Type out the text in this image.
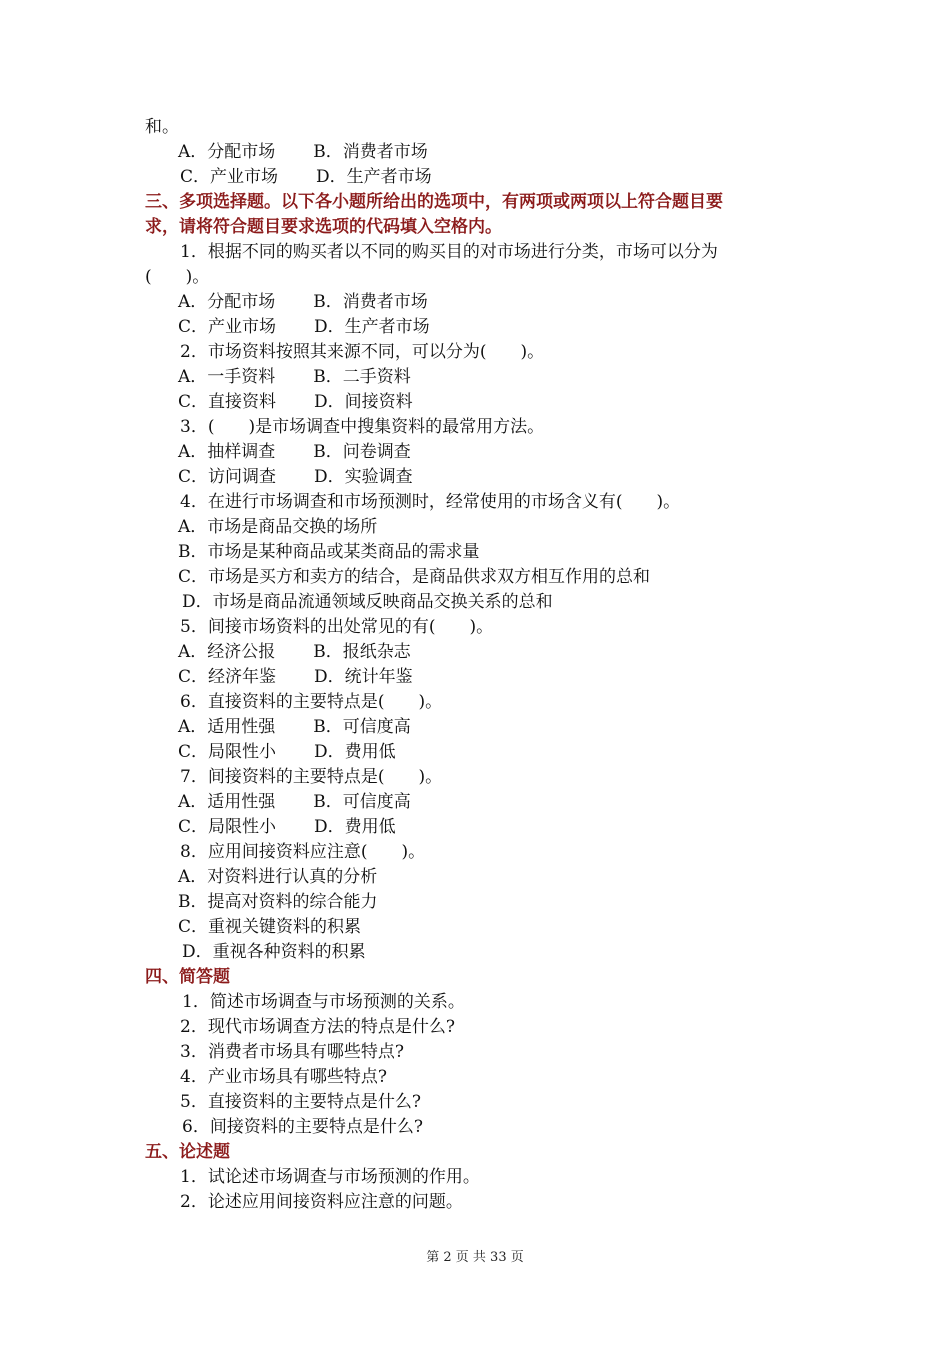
和。
A．分配市场 B．消费者市场
C．产业市场 D．生产者市场
三、多项选择题。以下各小题所给出的选项中，有两项或两项以上符合题目要
求，请将符合题目要求选项的代码填入空格内。
1．根据不同的购买者以不同的购买目的对市场进行分类，市场可以分为
(　　)。
A．分配市场 B．消费者市场
C．产业市场 D．生产者市场
2．市场资料按照其来源不同，可以分为(　　)。
A．一手资料 B．二手资料
C．直接资料 D．间接资料
3．(　　)是市场调查中搜集资料的最常用方法。
A．抽样调查 B．问卷调查
C．访问调查 D．实验调查
4．在进行市场调查和市场预测时，经常使用的市场含义有(　　)。
A．市场是商品交换的场所
B．市场是某种商品或某类商品的需求量
C．市场是买方和卖方的结合，是商品供求双方相互作用的总和
D．市场是商品流通领域反映商品交换关系的总和
5．间接市场资料的出处常见的有(　　)。
A．经济公报 B．报纸杂志
C．经济年鉴 D．统计年鉴
6．直接资料的主要特点是(　　)。
A．适用性强 B．可信度高
C．局限性小 D．费用低
7．间接资料的主要特点是(　　)。
A．适用性强 B．可信度高
C．局限性小 D．费用低
8．应用间接资料应注意(　　)。
A．对资料进行认真的分析
B．提高对资料的综合能力
C．重视关键资料的积累
D．重视各种资料的积累
四、简答题
1．简述市场调查与市场预测的关系。
2．现代市场调查方法的特点是什么?
3．消费者市场具有哪些特点?
4．产业市场具有哪些特点?
5．直接资料的主要特点是什么?
6．间接资料的主要特点是什么?
五、论述题
1．试论述市场调查与市场预测的作用。
2．论述应用间接资料应注意的问题。
第 2 页 共 33 页
